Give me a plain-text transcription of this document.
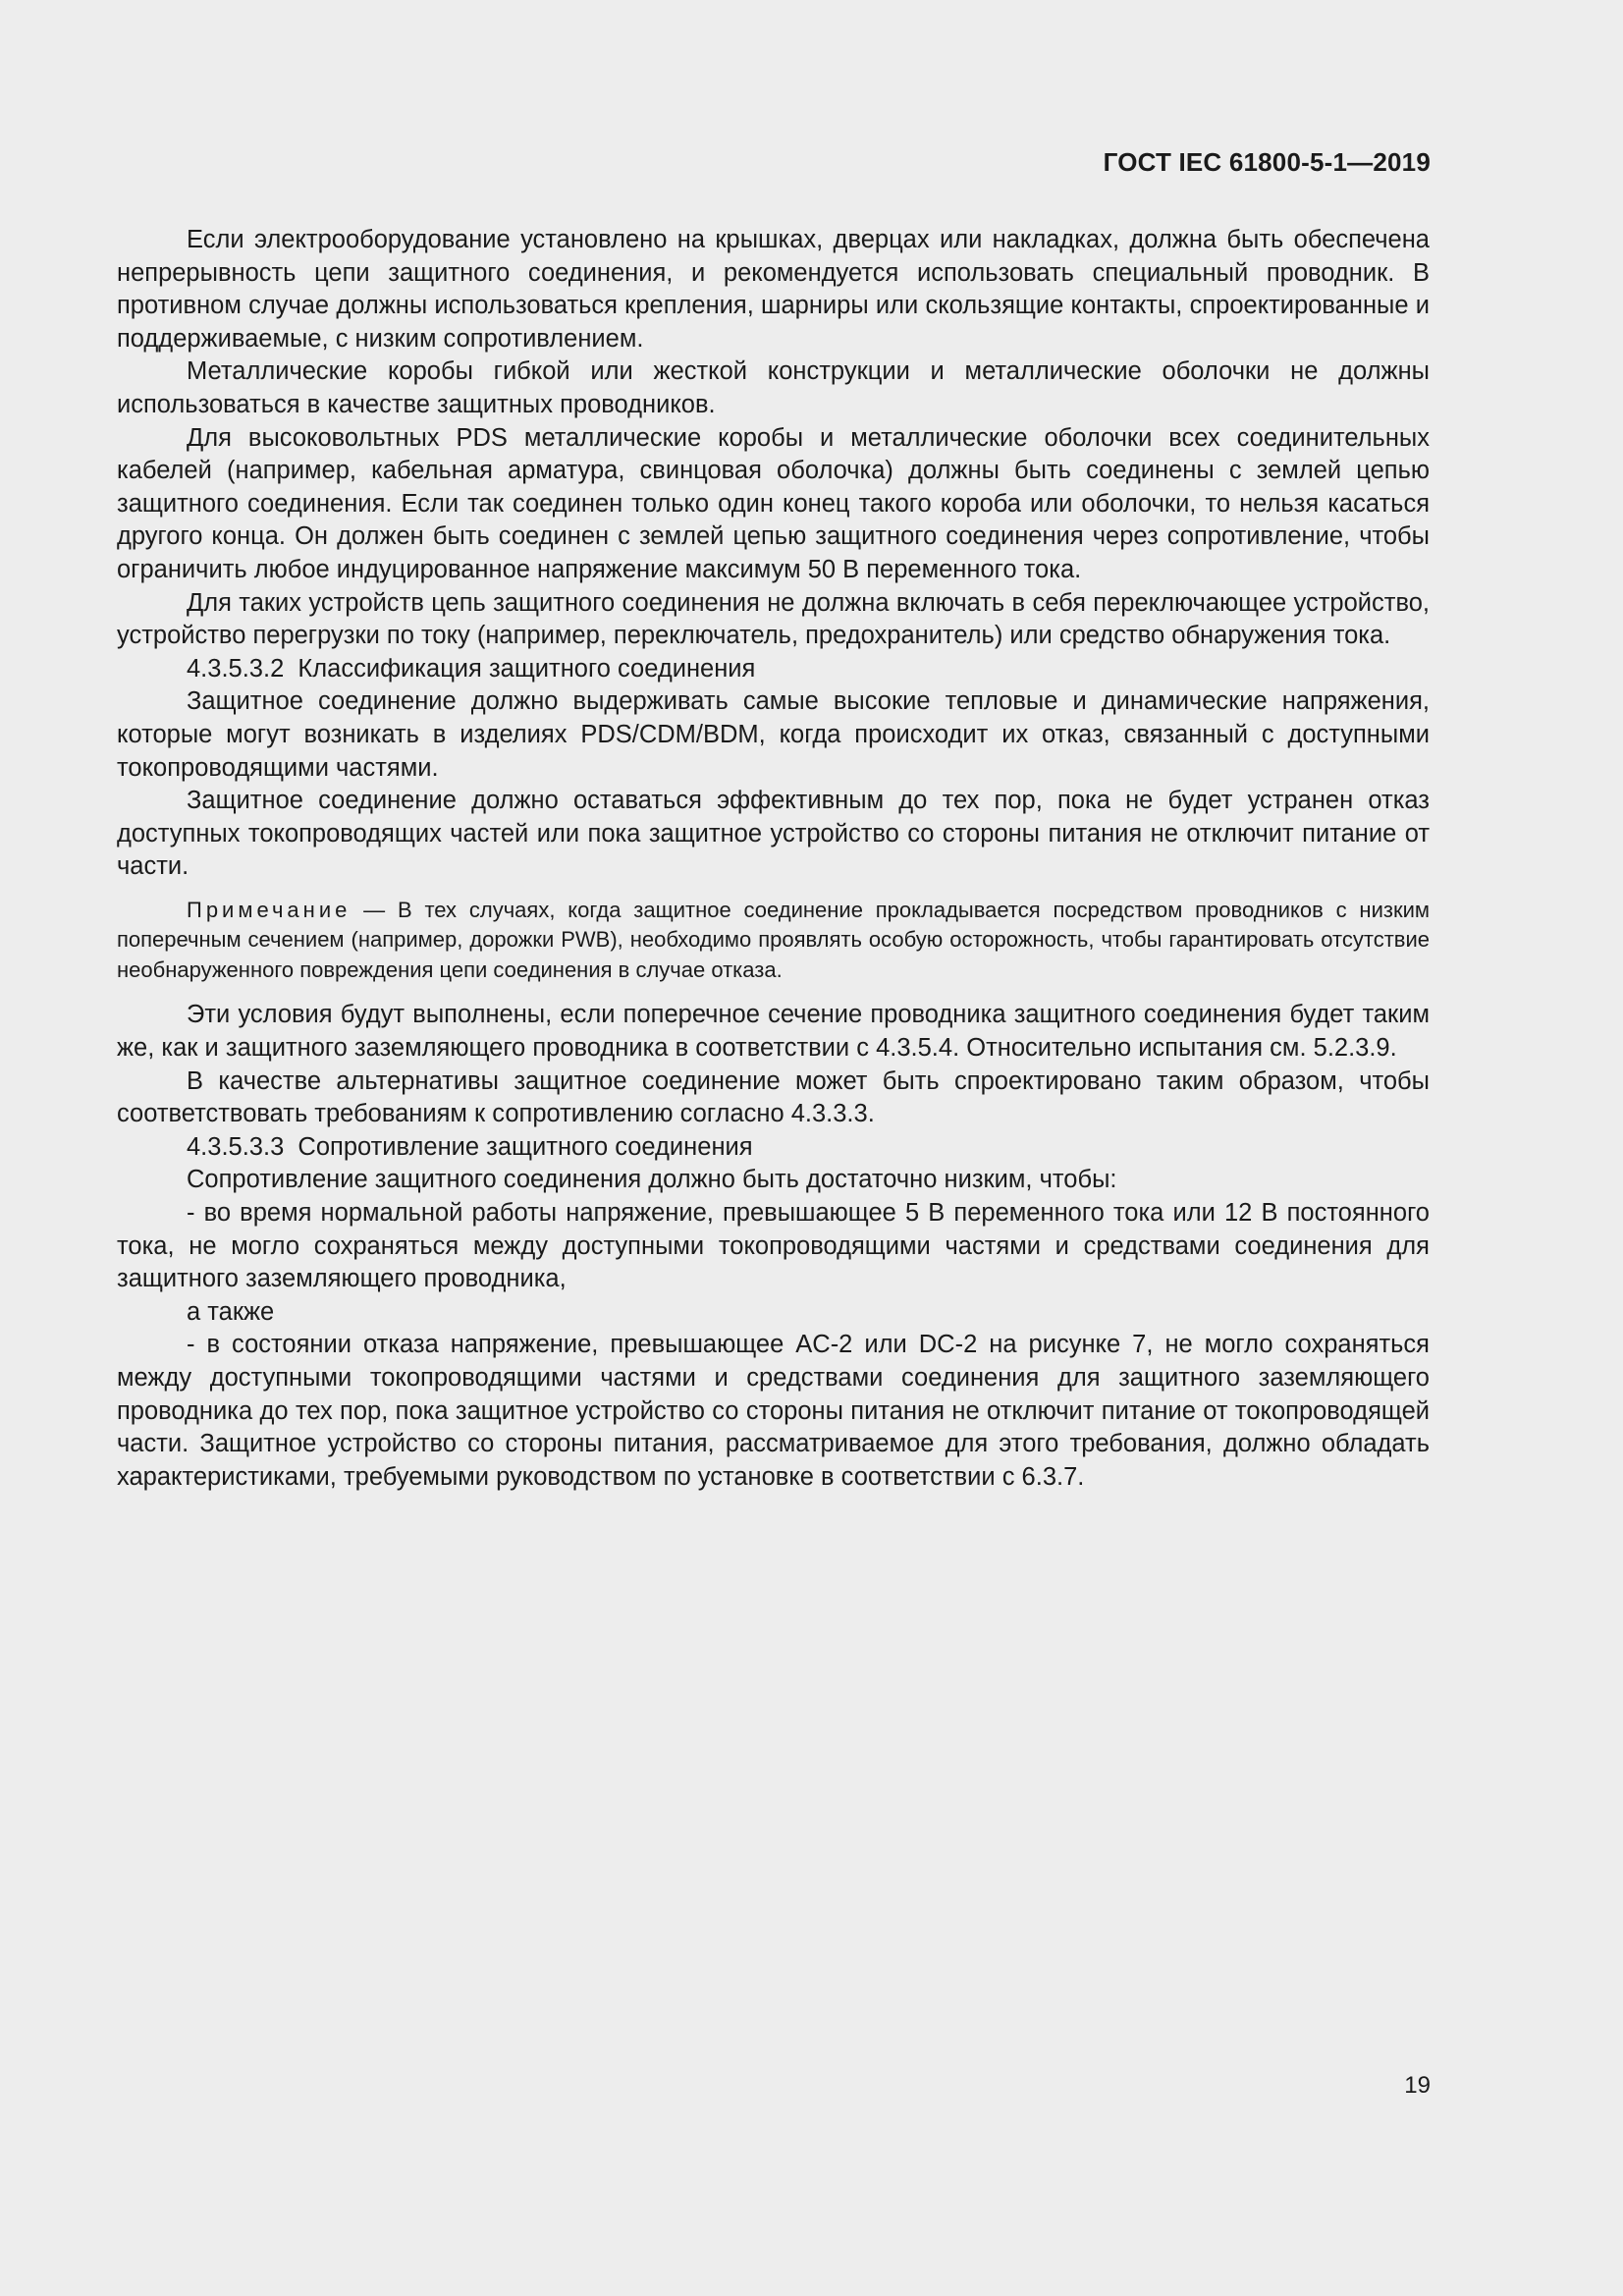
ГОСТ IEC 61800-5-1—2019

Если электрооборудование установлено на крышках, дверцах или накладках, должна быть обеспечена непрерывность цепи защитного соединения, и рекомендуется использовать специальный проводник. В противном случае должны использоваться крепления, шарниры или скользящие контакты, спроектированные и поддерживаемые, с низким сопротивлением.

Металлические коробы гибкой или жесткой конструкции и металлические оболочки не должны использоваться в качестве защитных проводников.

Для высоковольтных PDS металлические коробы и металлические оболочки всех соединительных кабелей (например, кабельная арматура, свинцовая оболочка) должны быть соединены с землей цепью защитного соединения. Если так соединен только один конец такого короба или оболочки, то нельзя касаться другого конца. Он должен быть соединен с землей цепью защитного соединения через сопротивление, чтобы ограничить любое индуцированное напряжение максимум 50 В переменного тока.

Для таких устройств цепь защитного соединения не должна включать в себя переключающее устройство, устройство перегрузки по току (например, переключатель, предохранитель) или средство обнаружения тока.

4.3.5.3.2  Классификация защитного соединения

Защитное соединение должно выдерживать самые высокие тепловые и динамические напряжения, которые могут возникать в изделиях PDS/CDM/BDM, когда происходит их отказ, связанный с доступными токопроводящими частями.

Защитное соединение должно оставаться эффективным до тех пор, пока не будет устранен отказ доступных токопроводящих частей или пока защитное устройство со стороны питания не отключит питание от части.

Примечание — В тех случаях, когда защитное соединение прокладывается посредством проводников с низким поперечным сечением (например, дорожки PWB), необходимо проявлять особую осторожность, чтобы гарантировать отсутствие необнаруженного повреждения цепи соединения в случае отказа.

Эти условия будут выполнены, если поперечное сечение проводника защитного соединения будет таким же, как и защитного заземляющего проводника в соответствии с 4.3.5.4. Относительно испытания см. 5.2.3.9.

В качестве альтернативы защитное соединение может быть спроектировано таким образом, чтобы соответствовать требованиям к сопротивлению согласно 4.3.3.3.

4.3.5.3.3  Сопротивление защитного соединения

Сопротивление защитного соединения должно быть достаточно низким, чтобы:

- во время нормальной работы напряжение, превышающее 5 В переменного тока или 12 В постоянного тока, не могло сохраняться между доступными токопроводящими частями и средствами соединения для защитного заземляющего проводника,

а также

- в состоянии отказа напряжение, превышающее AC-2 или DC-2 на рисунке 7, не могло сохраняться между доступными токопроводящими частями и средствами соединения для защитного заземляющего проводника до тех пор, пока защитное устройство со стороны питания не отключит питание от токопроводящей части. Защитное устройство со стороны питания, рассматриваемое для этого требования, должно обладать характеристиками, требуемыми руководством по установке в соответствии с 6.3.7.

19
